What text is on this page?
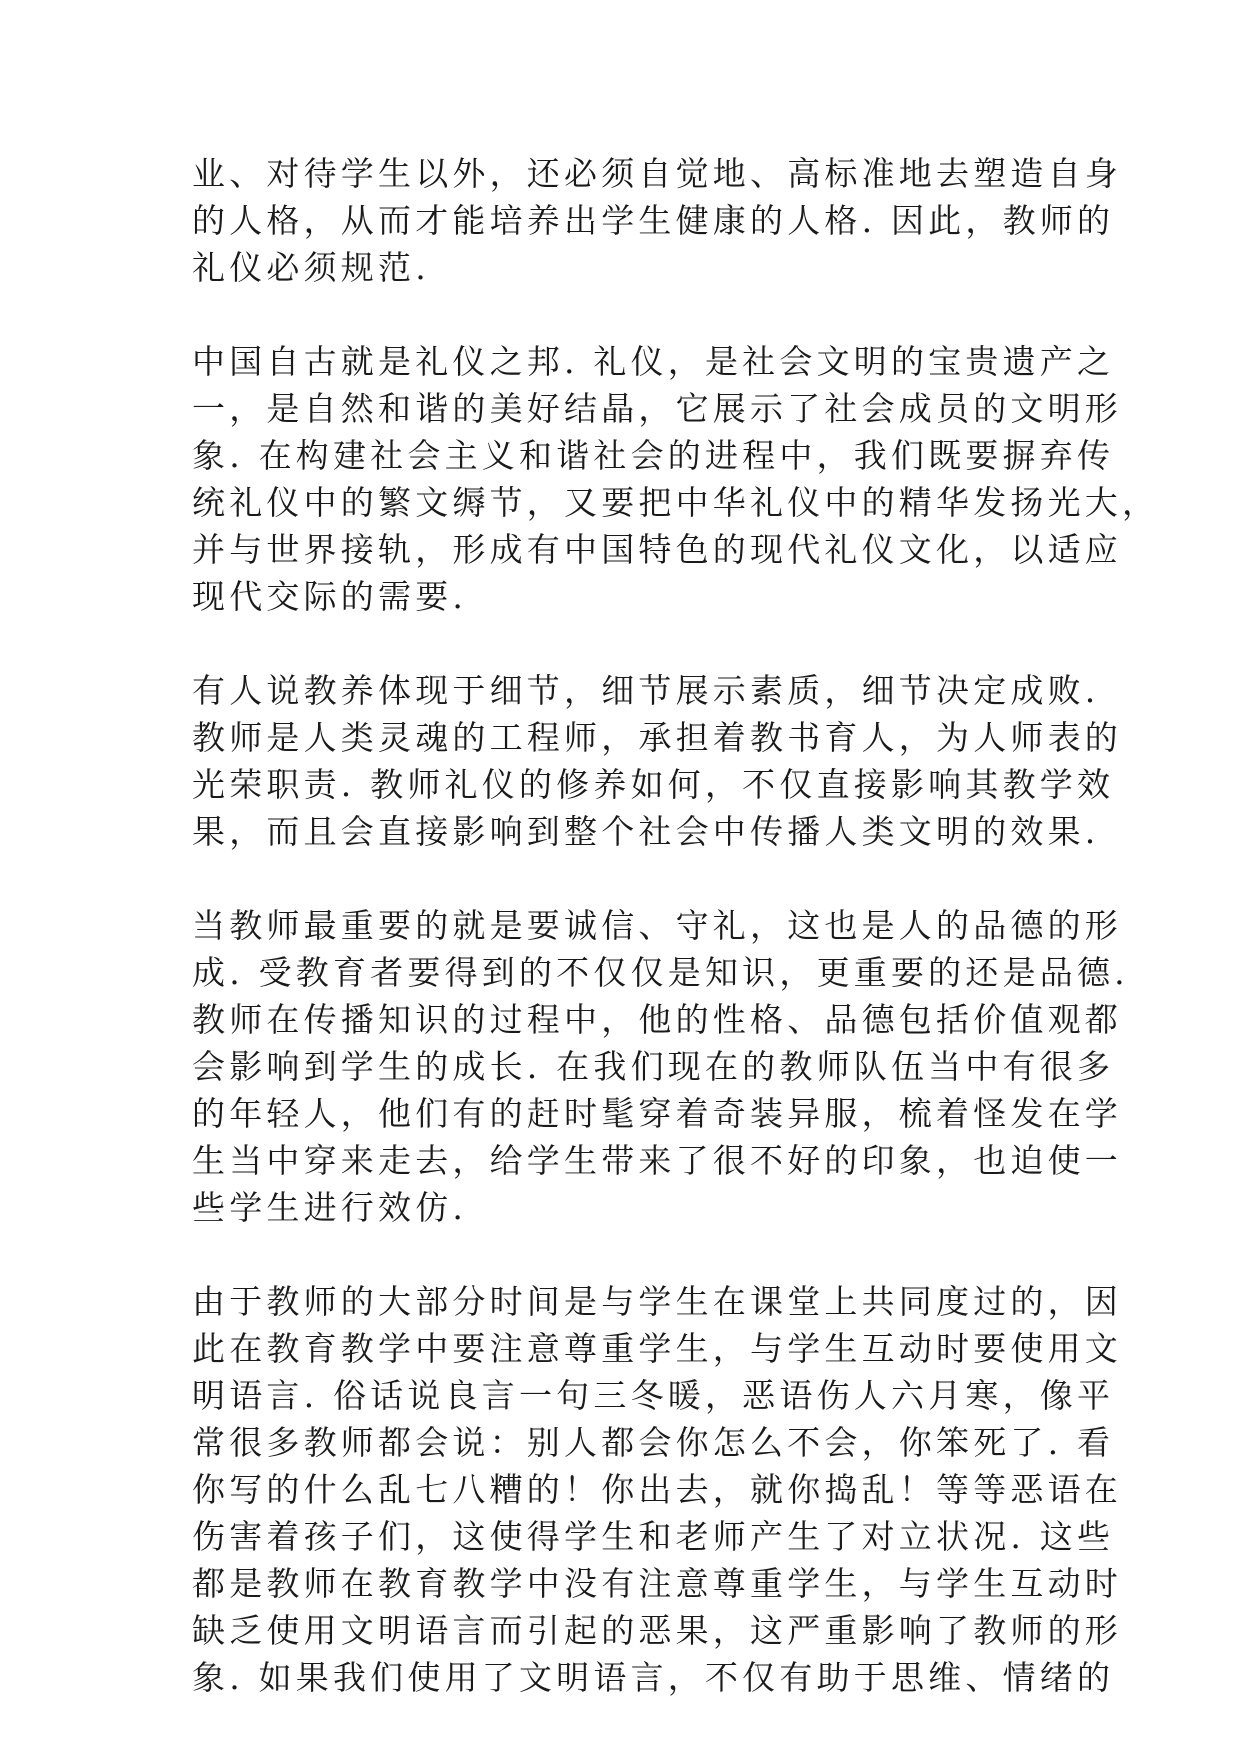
业、对待学生以外，还必须自觉地、高标准地去塑造自身
的人格，从而才能培养出学生健康的人格. 因此，教师的
礼仪必须规范.
中国自古就是礼仪之邦. 礼仪，是社会文明的宝贵遗产之
一，是自然和谐的美好结晶，它展示了社会成员的文明形
象. 在构建社会主义和谐社会的进程中，我们既要摒弃传
统礼仪中的繁文缛节，又要把中华礼仪中的精华发扬光大，
并与世界接轨，形成有中国特色的现代礼仪文化，以适应
现代交际的需要.
有人说教养体现于细节，细节展示素质，细节决定成败.
教师是人类灵魂的工程师，承担着教书育人，为人师表的
光荣职责. 教师礼仪的修养如何，不仅直接影响其教学效
果，而且会直接影响到整个社会中传播人类文明的效果.
当教师最重要的就是要诚信、守礼，这也是人的品德的形
成. 受教育者要得到的不仅仅是知识，更重要的还是品德.
教师在传播知识的过程中，他的性格、品德包括价值观都
会影响到学生的成长. 在我们现在的教师队伍当中有很多
的年轻人，他们有的赶时髦穿着奇装异服，梳着怪发在学
生当中穿来走去，给学生带来了很不好的印象，也迫使一
些学生进行效仿.
由于教师的大部分时间是与学生在课堂上共同度过的，因
此在教育教学中要注意尊重学生，与学生互动时要使用文
明语言. 俗话说良言一句三冬暖，恶语伤人六月寒，像平
常很多教师都会说：别人都会你怎么不会，你笨死了. 看
你写的什么乱七八糟的！你出去，就你捣乱！等等恶语在
伤害着孩子们，这使得学生和老师产生了对立状况. 这些
都是教师在教育教学中没有注意尊重学生，与学生互动时
缺乏使用文明语言而引起的恶果，这严重影响了教师的形
象. 如果我们使用了文明语言，不仅有助于思维、情绪的
